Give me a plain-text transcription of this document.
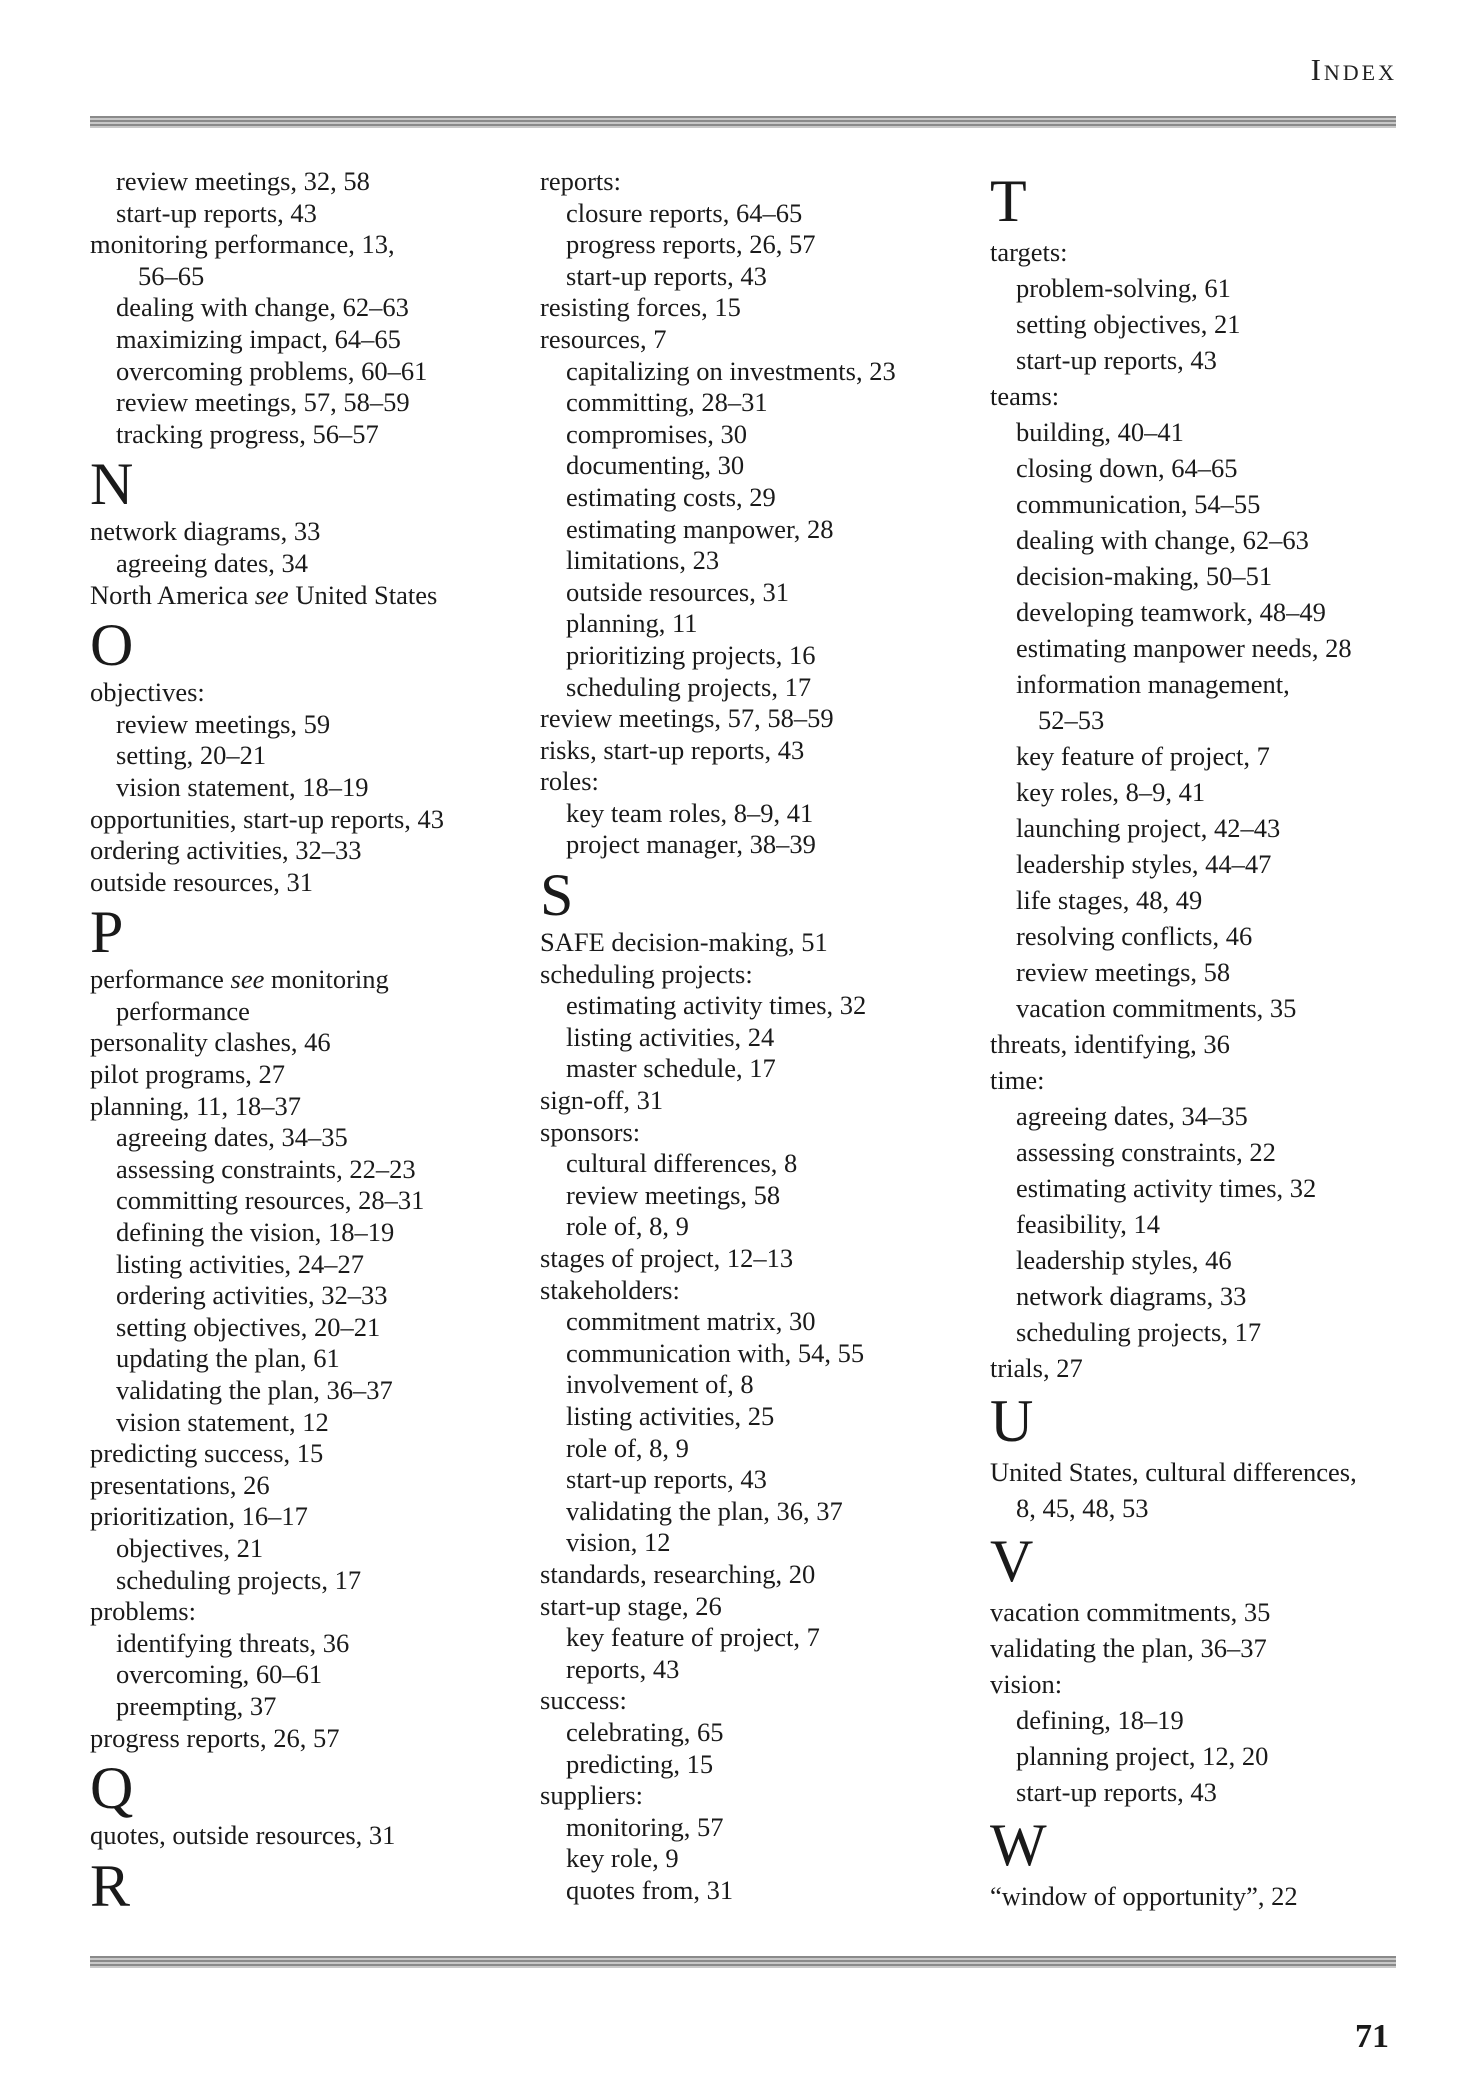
Index
review meetings, 32, 58
start-up reports, 43
monitoring performance, 13,
56–65
dealing with change, 62–63
maximizing impact, 64–65
overcoming problems, 60–61
review meetings, 57, 58–59
tracking progress, 56–57
N
network diagrams, 33
agreeing dates, 34
North America see United States
O
objectives:
review meetings, 59
setting, 20–21
vision statement, 18–19
opportunities, start-up reports, 43
ordering activities, 32–33
outside resources, 31
P
performance see monitoring
performance
personality clashes, 46
pilot programs, 27
planning, 11, 18–37
agreeing dates, 34–35
assessing constraints, 22–23
committing resources, 28–31
defining the vision, 18–19
listing activities, 24–27
ordering activities, 32–33
setting objectives, 20–21
updating the plan, 61
validating the plan, 36–37
vision statement, 12
predicting success, 15
presentations, 26
prioritization, 16–17
objectives, 21
scheduling projects, 17
problems:
identifying threats, 36
overcoming, 60–61
preempting, 37
progress reports, 26, 57
Q
quotes, outside resources, 31
R
reports:
closure reports, 64–65
progress reports, 26, 57
start-up reports, 43
resisting forces, 15
resources, 7
capitalizing on investments, 23
committing, 28–31
compromises, 30
documenting, 30
estimating costs, 29
estimating manpower, 28
limitations, 23
outside resources, 31
planning, 11
prioritizing projects, 16
scheduling projects, 17
review meetings, 57, 58–59
risks, start-up reports, 43
roles:
key team roles, 8–9, 41
project manager, 38–39
S
SAFE decision-making, 51
scheduling projects:
estimating activity times, 32
listing activities, 24
master schedule, 17
sign-off, 31
sponsors:
cultural differences, 8
review meetings, 58
role of, 8, 9
stages of project, 12–13
stakeholders:
commitment matrix, 30
communication with, 54, 55
involvement of, 8
listing activities, 25
role of, 8, 9
start-up reports, 43
validating the plan, 36, 37
vision, 12
standards, researching, 20
start-up stage, 26
key feature of project, 7
reports, 43
success:
celebrating, 65
predicting, 15
suppliers:
monitoring, 57
key role, 9
quotes from, 31
T
targets:
problem-solving, 61
setting objectives, 21
start-up reports, 43
teams:
building, 40–41
closing down, 64–65
communication, 54–55
dealing with change, 62–63
decision-making, 50–51
developing teamwork, 48–49
estimating manpower needs, 28
information management,
52–53
key feature of project, 7
key roles, 8–9, 41
launching project, 42–43
leadership styles, 44–47
life stages, 48, 49
resolving conflicts, 46
review meetings, 58
vacation commitments, 35
threats, identifying, 36
time:
agreeing dates, 34–35
assessing constraints, 22
estimating activity times, 32
feasibility, 14
leadership styles, 46
network diagrams, 33
scheduling projects, 17
trials, 27
U
United States, cultural differences,
8, 45, 48, 53
V
vacation commitments, 35
validating the plan, 36–37
vision:
defining, 18–19
planning project, 12, 20
start-up reports, 43
W
“window of opportunity”, 22
71
